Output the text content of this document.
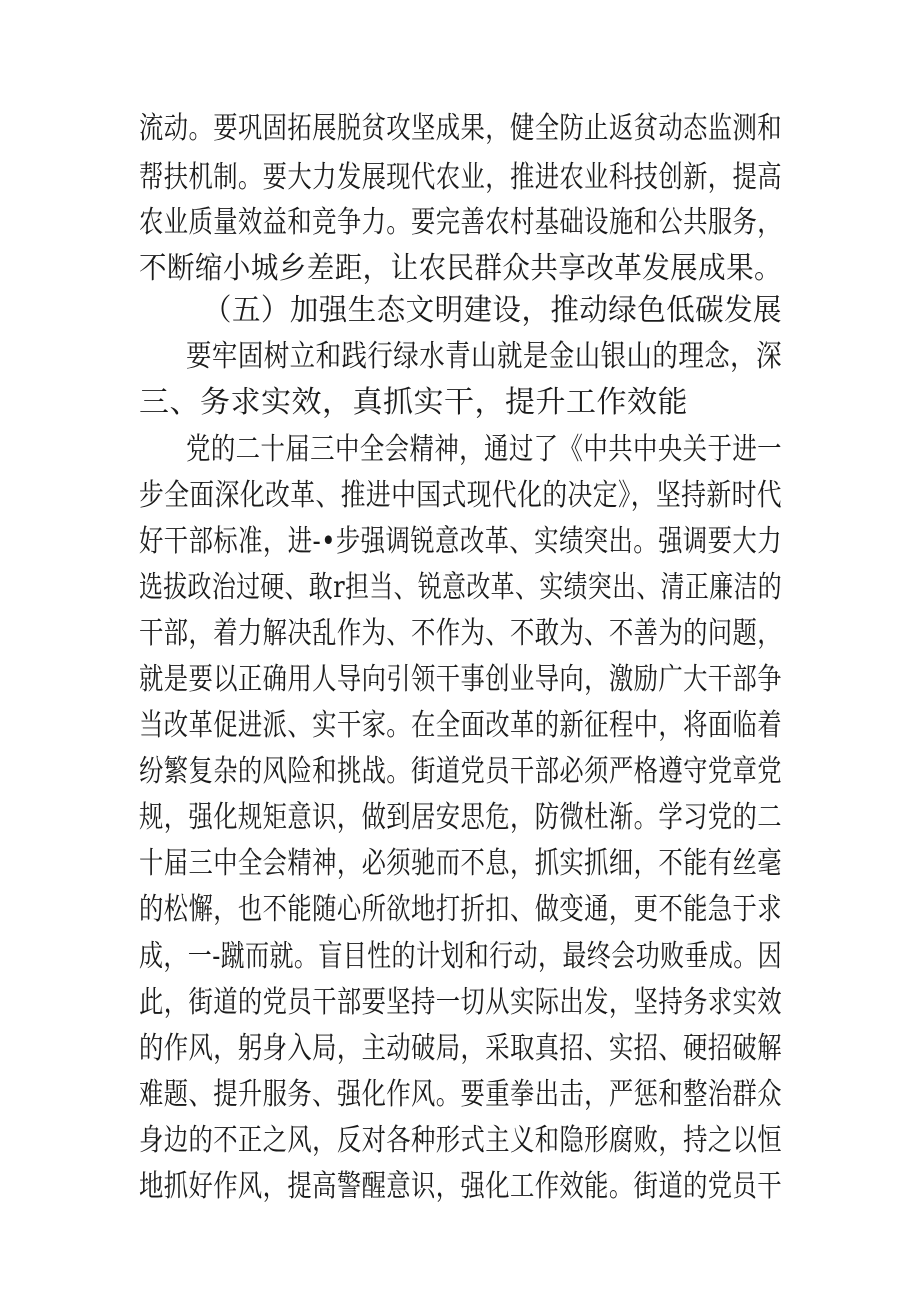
流动。要巩固拓展脱贫攻坚成果，健全防止返贫动态监测和

帮扶机制。要大力发展现代农业，推进农业科技创新，提高

农业质量效益和竞争力。要完善农村基础设施和公共服务，

不断缩小城乡差距，让农民群众共享改革发展成果。

（五）加强生态文明建设，推动绿色低碳发展

要牢固树立和践行绿水青山就是金山银山的理念，深

三、务求实效，真抓实干，提升工作效能

党的二十届三中全会精神，通过了《中共中央关于进一

步全面深化改革、推进中国式现代化的决定》，坚持新时代

好干部标准，进-•步强调锐意改革、实绩突出。强调要大力

选拔政治过硬、敢r担当、锐意改革、实绩突出、清正廉洁的

干部，着力解决乱作为、不作为、不敢为、不善为的问题，

就是要以正确用人导向引领干事创业导向，激励广大干部争

当改革促进派、实干家。在全面改革的新征程中，将面临着

纷繁复杂的风险和挑战。街道党员干部必须严格遵守党章党

规，强化规矩意识，做到居安思危，防微杜渐。学习党的二

十届三中全会精神，必须驰而不息，抓实抓细，不能有丝毫

的松懈，也不能随心所欲地打折扣、做变通，更不能急于求

成，一-蹴而就。盲目性的计划和行动，最终会功败垂成。因

此，街道的党员干部要坚持一切从实际出发，坚持务求实效

的作风，躬身入局，主动破局，采取真招、实招、硬招破解

难题、提升服务、强化作风。要重拳出击，严惩和整治群众

身边的不正之风，反对各种形式主义和隐形腐败，持之以恒

地抓好作风，提高警醒意识，强化工作效能。街道的党员干
